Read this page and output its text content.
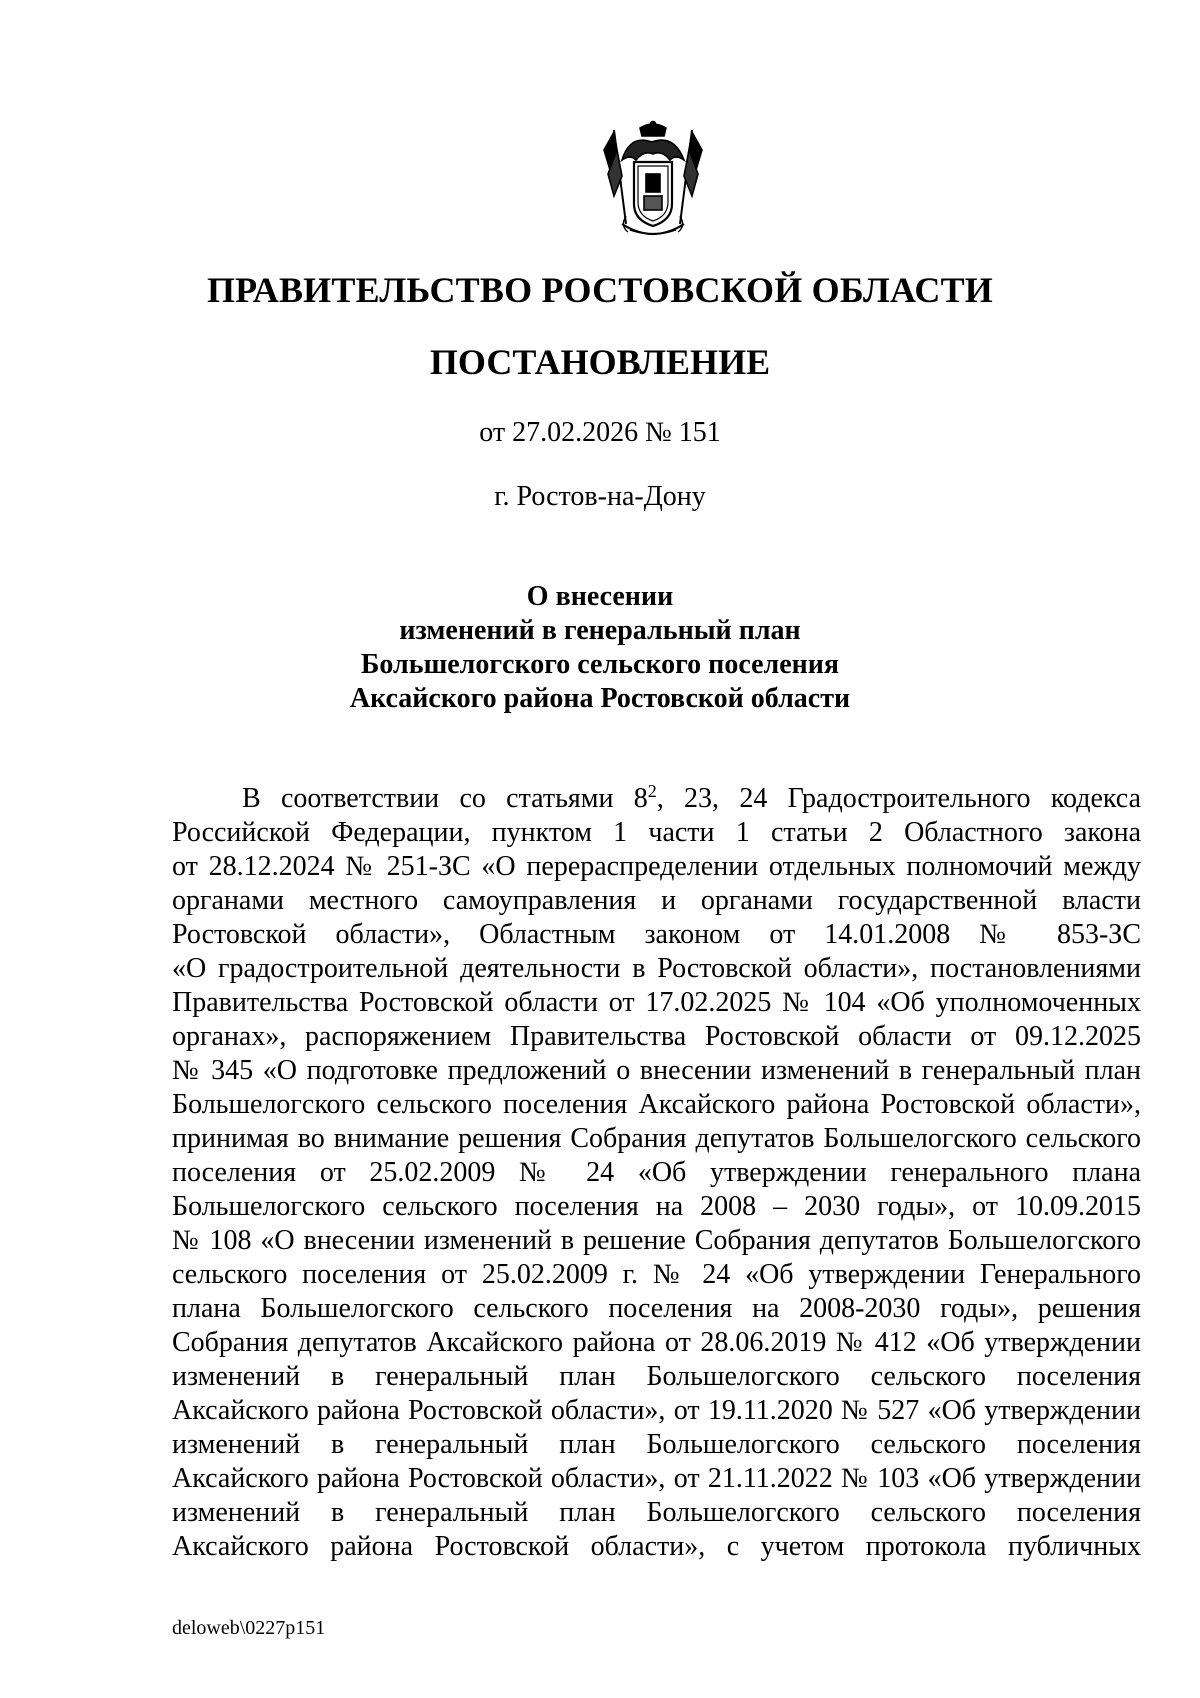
ПРАВИТЕЛЬСТВО РОСТОВСКОЙ ОБЛАСТИ
ПОСТАНОВЛЕНИЕ
от 27.02.2026 № 151
г. Ростов-на-Дону
О внесении
изменений в генеральный план
Большелогского сельского поселения
Аксайского района Ростовской области
В соответствии со статьями $8^2$, 23, 24 Градостроительного кодекса
Российской Федерации, пунктом 1 части 1 статьи 2 Областного закона
от 28.12.2024 № 251-ЗС «О перераспределении отдельных полномочий между
органами местного самоуправления и органами государственной власти
Ростовской области», Областным законом от 14.01.2008 № 853-ЗС
«О градостроительной деятельности в Ростовской области», постановлениями
Правительства Ростовской области от 17.02.2025 № 104 «Об уполномоченных
органах», распоряжением Правительства Ростовской области от 09.12.2025
№ 345 «О подготовке предложений о внесении изменений в генеральный план
Большелогского сельского поселения Аксайского района Ростовской области»,
принимая во внимание решения Собрания депутатов Большелогского сельского
поселения от 25.02.2009 № 24 «Об утверждении генерального плана
Большелогского сельского поселения на 2008 – 2030 годы», от 10.09.2015
№ 108 «О внесении изменений в решение Собрания депутатов Большелогского
сельского поселения от 25.02.2009 г. № 24 «Об утверждении Генерального
плана Большелогского сельского поселения на 2008-2030 годы», решения
Собрания депутатов Аксайского района от 28.06.2019 № 412 «Об утверждении
изменений в генеральный план Большелогского сельского поселения
Аксайского района Ростовской области», от 19.11.2020 № 527 «Об утверждении
изменений в генеральный план Большелогского сельского поселения
Аксайского района Ростовской области», от 21.11.2022 № 103 «Об утверждении
изменений в генеральный план Большелогского сельского поселения
Аксайского района Ростовской области», с учетом протокола публичных
deloweb\0227p151
